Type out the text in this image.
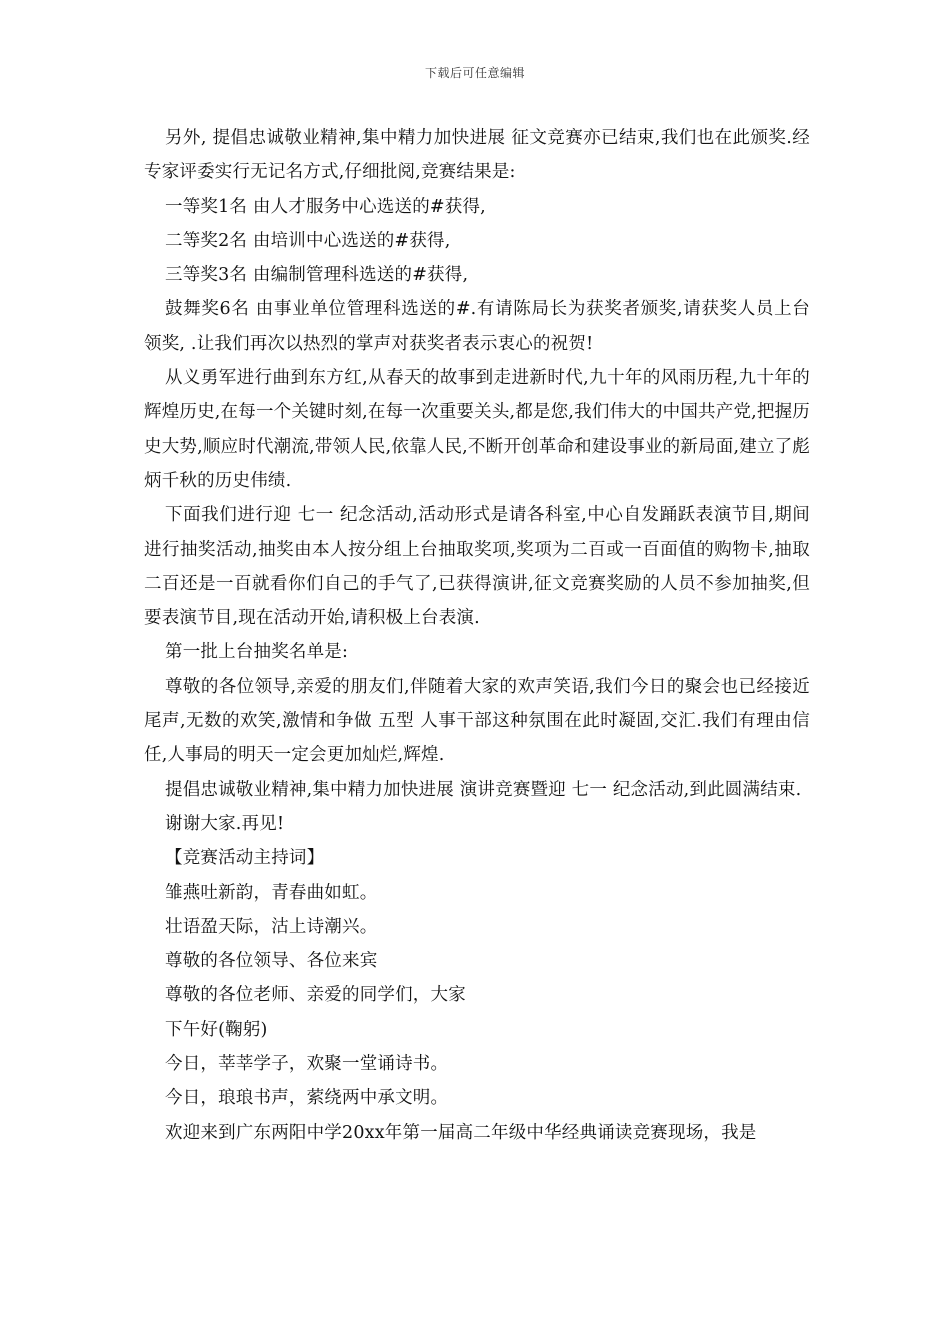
下载后可任意编辑

另外, 提倡忠诚敬业精神,集中精力加快进展 征文竞赛亦已结束,我们也在此颁奖.经专家评委实行无记名方式,仔细批阅,竞赛结果是:

一等奖1名 由人才服务中心选送的#获得,

二等奖2名 由培训中心选送的#获得,

三等奖3名 由编制管理科选送的#获得,

鼓舞奖6名 由事业单位管理科选送的#.有请陈局长为获奖者颁奖,请获奖人员上台领奖, .让我们再次以热烈的掌声对获奖者表示衷心的祝贺!

从义勇军进行曲到东方红,从春天的故事到走进新时代,九十年的风雨历程,九十年的辉煌历史,在每一个关键时刻,在每一次重要关头,都是您,我们伟大的中国共产党,把握历史大势,顺应时代潮流,带领人民,依靠人民,不断开创革命和建设事业的新局面,建立了彪炳千秋的历史伟绩.

下面我们进行迎 七一 纪念活动,活动形式是请各科室,中心自发踊跃表演节目,期间进行抽奖活动,抽奖由本人按分组上台抽取奖项,奖项为二百或一百面值的购物卡,抽取二百还是一百就看你们自己的手气了,已获得演讲,征文竞赛奖励的人员不参加抽奖,但要表演节目,现在活动开始,请积极上台表演.

第一批上台抽奖名单是:

尊敬的各位领导,亲爱的朋友们,伴随着大家的欢声笑语,我们今日的聚会也已经接近尾声,无数的欢笑,激情和争做 五型 人事干部这种氛围在此时凝固,交汇.我们有理由信任,人事局的明天一定会更加灿烂,辉煌.

提倡忠诚敬业精神,集中精力加快进展 演讲竞赛暨迎 七一 纪念活动,到此圆满结束.

谢谢大家.再见!

【竞赛活动主持词】

雏燕吐新韵，青春曲如虹。

壮语盈天际，沽上诗潮兴。

尊敬的各位领导、各位来宾

尊敬的各位老师、亲爱的同学们，大家

下午好(鞠躬)

今日，莘莘学子，欢聚一堂诵诗书。

今日，琅琅书声，萦绕两中承文明。

欢迎来到广东两阳中学20xx年第一届高二年级中华经典诵读竞赛现场，我是
